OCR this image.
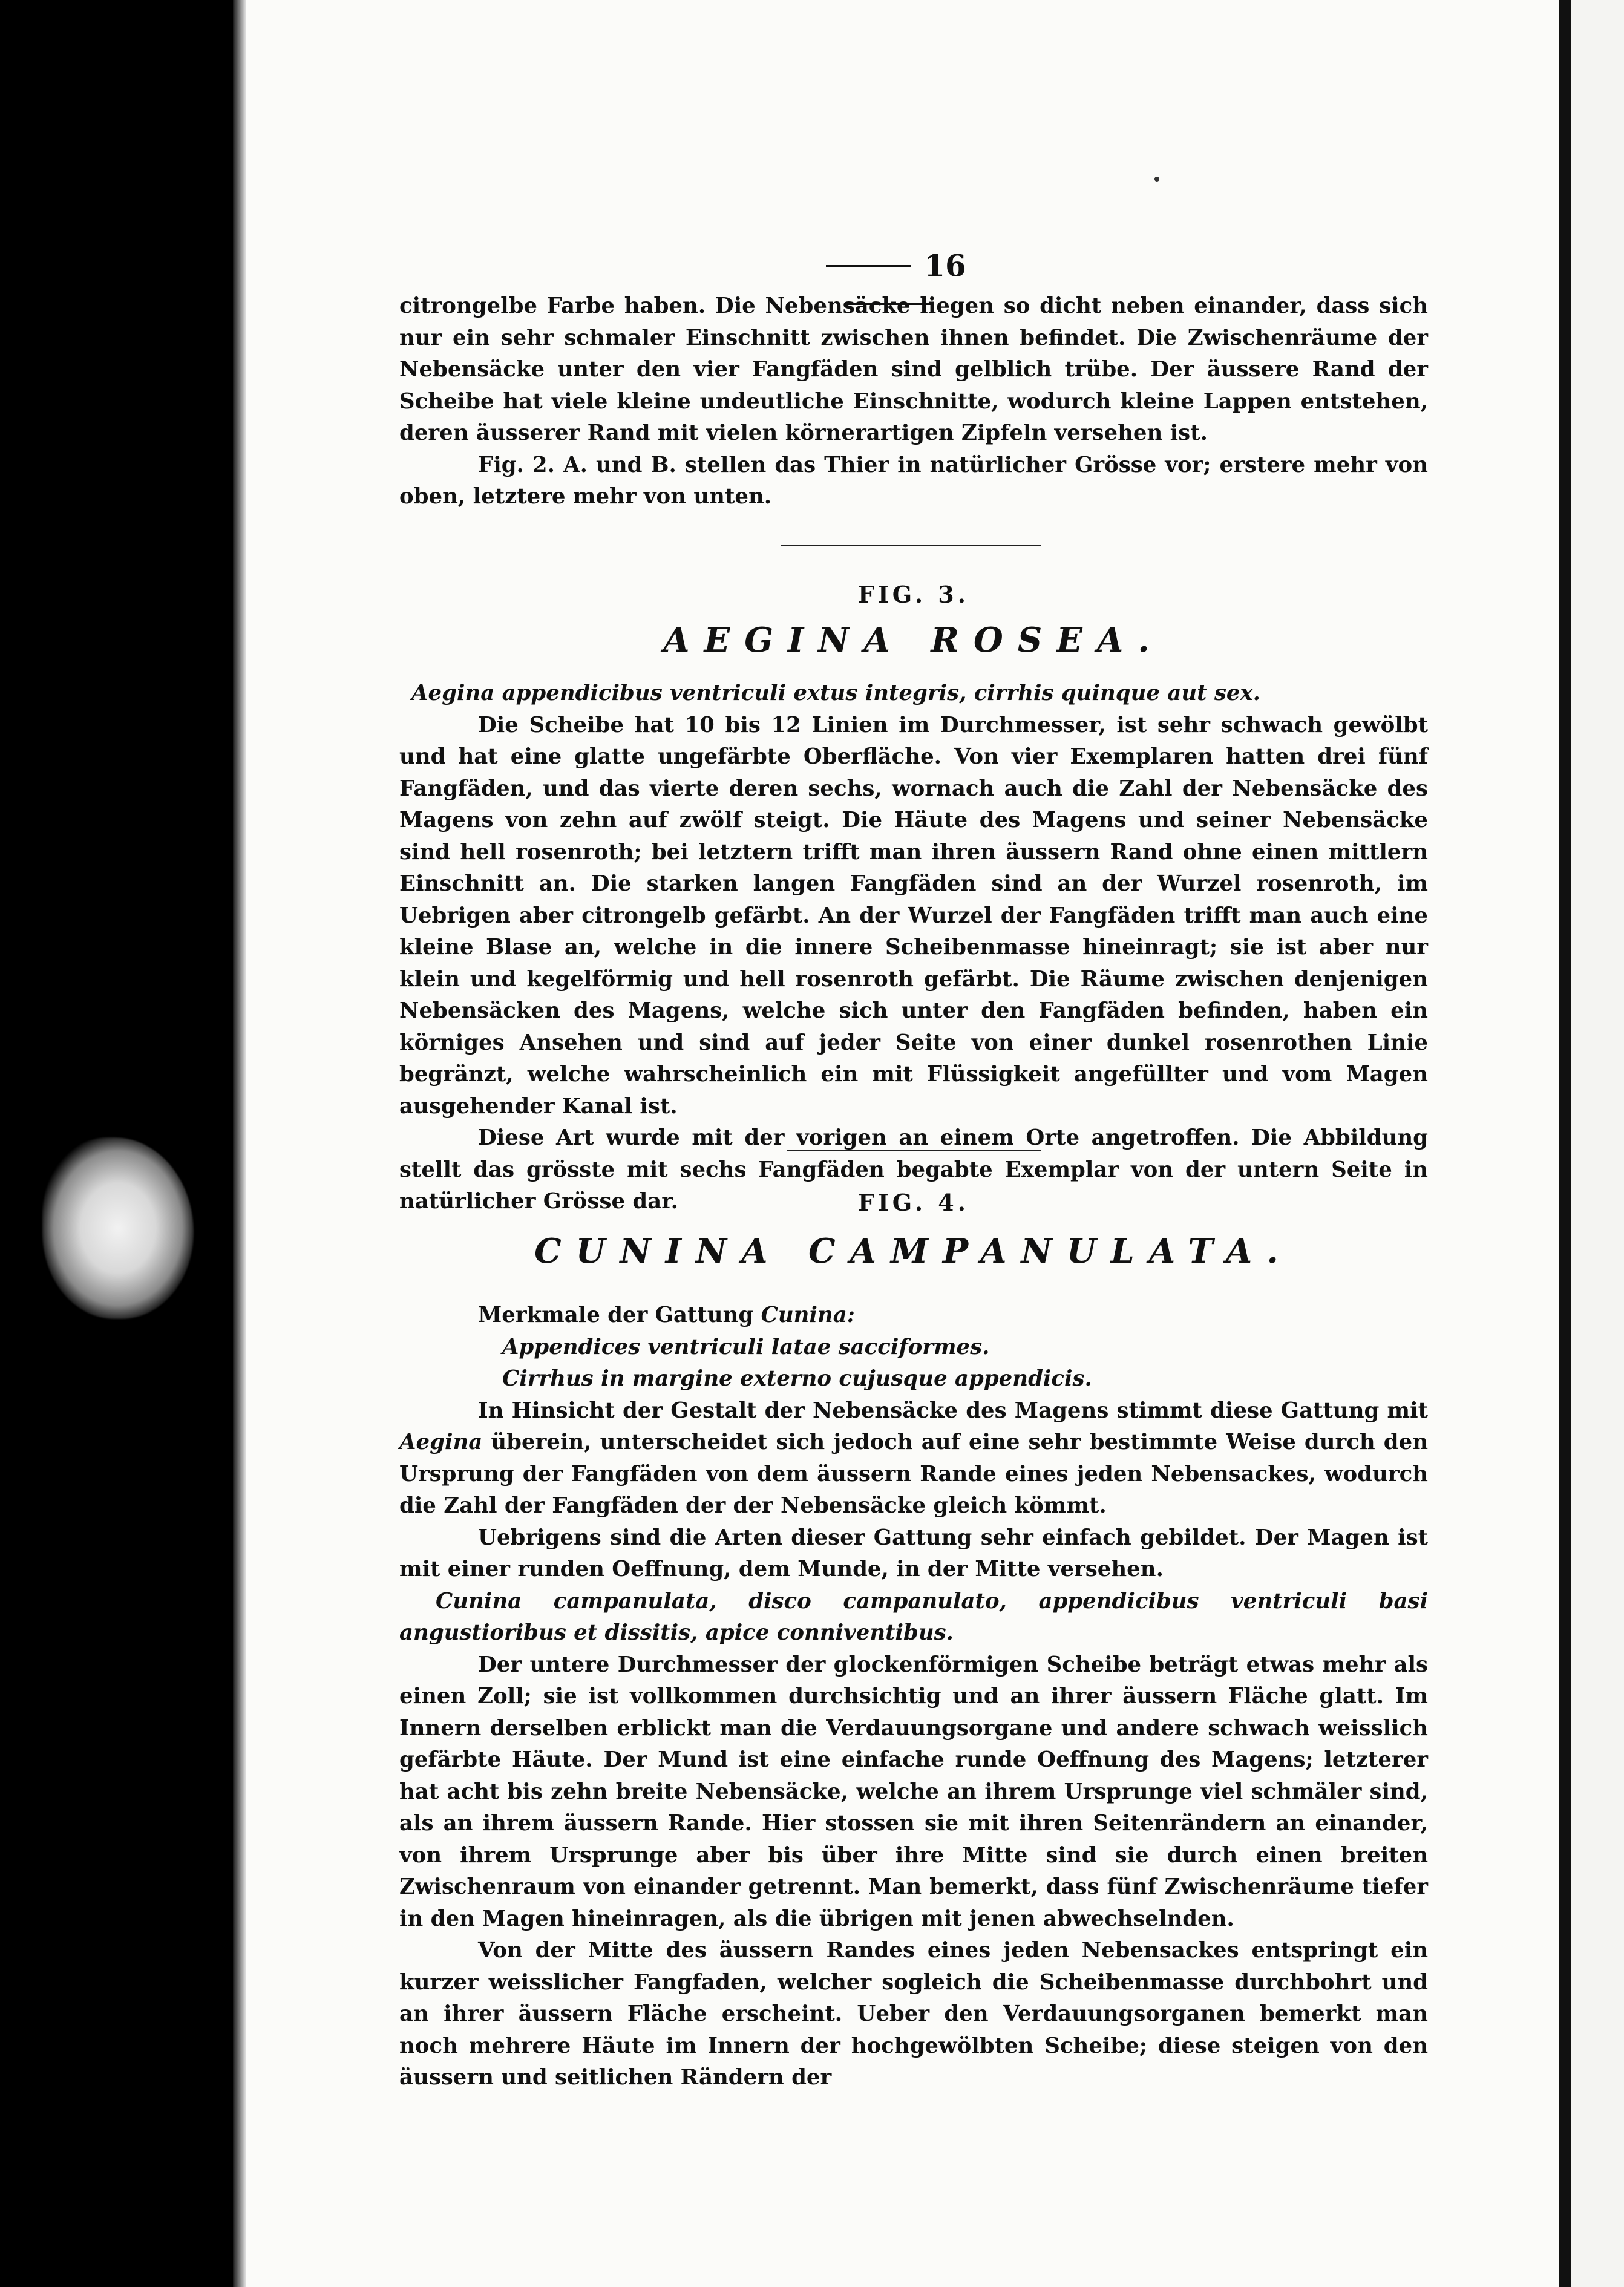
16

citrongelbe Farbe haben. Die Nebensäcke liegen so dicht neben einander, dass sich nur ein sehr schmaler Einschnitt zwischen ihnen befindet. Die Zwischenräume der Nebensäcke unter den vier Fangfäden sind gelblich trübe. Der äussere Rand der Scheibe hat viele kleine undeutliche Einschnitte, wodurch kleine Lappen entstehen, deren äusserer Rand mit vielen körnerartigen Zipfeln versehen ist.

Fig. 2. A. und B. stellen das Thier in natürlicher Grösse vor; erstere mehr von oben, letztere mehr von unten.

FIG. 3.
AEGINA ROSEA.

Aegina appendicibus ventriculi extus integris, cirrhis quinque aut sex.

Die Scheibe hat 10 bis 12 Linien im Durchmesser, ist sehr schwach gewölbt und hat eine glatte ungefärbte Oberfläche. Von vier Exemplaren hatten drei fünf Fangfäden, und das vierte deren sechs, wornach auch die Zahl der Nebensäcke des Magens von zehn auf zwölf steigt. Die Häute des Magens und seiner Nebensäcke sind hell rosenroth; bei letztern trifft man ihren äussern Rand ohne einen mittlern Einschnitt an. Die starken langen Fangfäden sind an der Wurzel rosenroth, im Uebrigen aber citrongelb gefärbt. An der Wurzel der Fangfäden trifft man auch eine kleine Blase an, welche in die innere Scheibenmasse hineinragt; sie ist aber nur klein und kegelförmig und hell rosenroth gefärbt. Die Räume zwischen denjenigen Nebensäcken des Magens, welche sich unter den Fangfäden befinden, haben ein körniges Ansehen und sind auf jeder Seite von einer dunkel rosenrothen Linie begränzt, welche wahrscheinlich ein mit Flüssigkeit angefüllter und vom Magen ausgehender Kanal ist.

Diese Art wurde mit der vorigen an einem Orte angetroffen. Die Abbildung stellt das grösste mit sechs Fangfäden begabte Exemplar von der untern Seite in natürlicher Grösse dar.	FIG. 4.
CUNINA CAMPANULATA.

Merkmale der Gattung Cunina:

Appendices ventriculi latae sacciformes.

Cirrhus in margine externo cujusque appendicis.

In Hinsicht der Gestalt der Nebensäcke des Magens stimmt diese Gattung mit Aegina überein, unterscheidet sich jedoch auf eine sehr bestimmte Weise durch den Ursprung der Fangfäden von dem äussern Rande eines jeden Nebensackes, wodurch die Zahl der Fangfäden der der Nebensäcke gleich kömmt.

Uebrigens sind die Arten dieser Gattung sehr einfach gebildet. Der Magen ist mit einer runden Oeffnung, dem Munde, in der Mitte versehen.

Cunina campanulata, disco campanulato, appendicibus ventriculi basi angustioribus et dissitis, apice conniventibus.

Der untere Durchmesser der glockenförmigen Scheibe beträgt etwas mehr als einen Zoll; sie ist vollkommen durchsichtig und an ihrer äussern Fläche glatt. Im Innern derselben erblickt man die Verdauungsorgane und andere schwach weisslich gefärbte Häute. Der Mund ist eine einfache runde Oeffnung des Magens; letzterer hat acht bis zehn breite Nebensäcke, welche an ihrem Ursprunge viel schmäler sind, als an ihrem äussern Rande. Hier stossen sie mit ihren Seitenrändern an einander, von ihrem Ursprunge aber bis über ihre Mitte sind sie durch einen breiten Zwischenraum von einander getrennt. Man bemerkt, dass fünf Zwischenräume tiefer in den Magen hineinragen, als die übrigen mit jenen abwechselnden.

Von der Mitte des äussern Randes eines jeden Nebensackes entspringt ein kurzer weisslicher Fangfaden, welcher sogleich die Scheibenmasse durchbohrt und an ihrer äussern Fläche erscheint. Ueber den Verdauungsorganen bemerkt man noch mehrere Häute im Innern der hochgewölbten Scheibe; diese steigen von den äussern und seitlichen Rändern der
